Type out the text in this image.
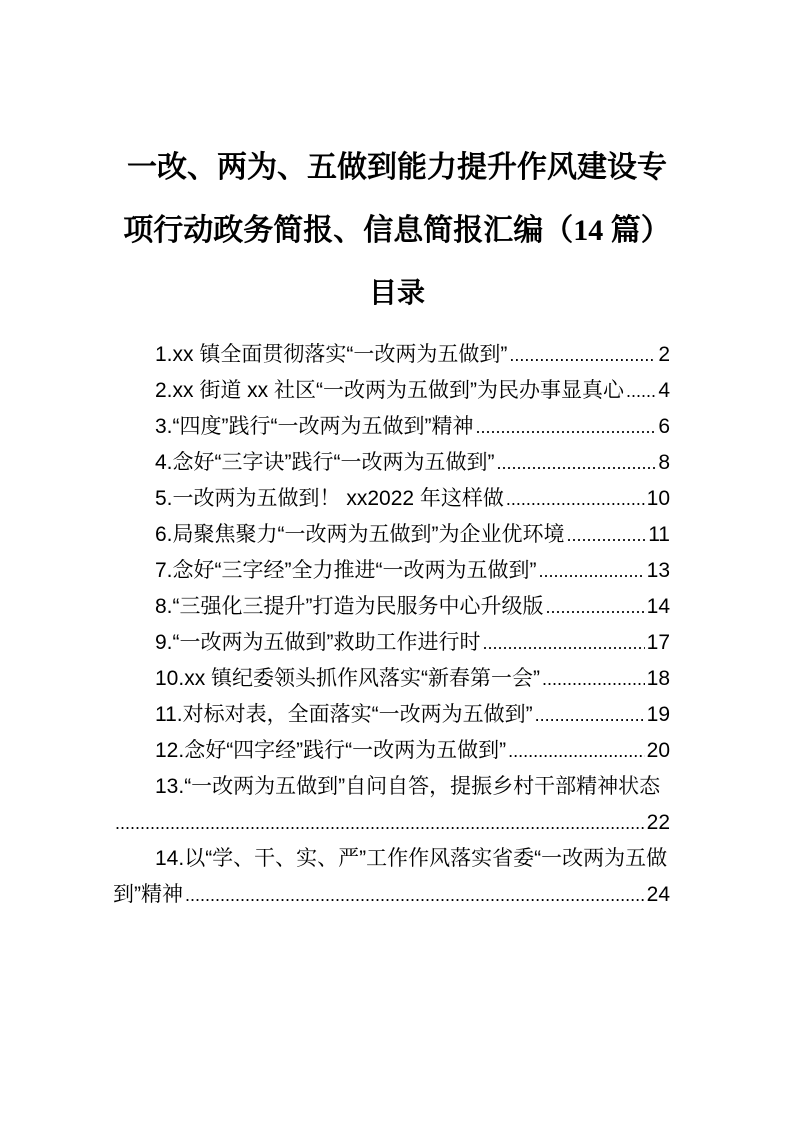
一改、两为、五做到能力提升作风建设专
项行动政务简报、信息简报汇编（14 篇）
目录
1.xx 镇全面贯彻落实“一改两为五做到” .....	2
2.xx 街道 xx 社区“一改两为五做到”为民办事显真心 ..... 4
3.“四度”践行“一改两为五做到”精神 .....	6
4.念好“三字诀”践行“一改两为五做到” .....	8
5.一改两为五做到！ xx2022 年这样做 .....	10
6.局聚焦聚力“一改两为五做到”为企业优环境 .....	11
7.念好“三字经”全力推进“一改两为五做到” .....	13
8.“三强化三提升”打造为民服务中心升级版 .....	14
9.“一改两为五做到”救助工作进行时 .....	17
10.xx 镇纪委领头抓作风落实“新春第一会” .....	18
11.对标对表，全面落实“一改两为五做到” .....	19
12.念好“四字经”践行“一改两为五做到” .....	20
13.“一改两为五做到”自问自答，提振乡村干部精神状态
.....
22
14.以“学、干、实、严”工作作风落实省委“一改两为五做
到”精神 .....	24
